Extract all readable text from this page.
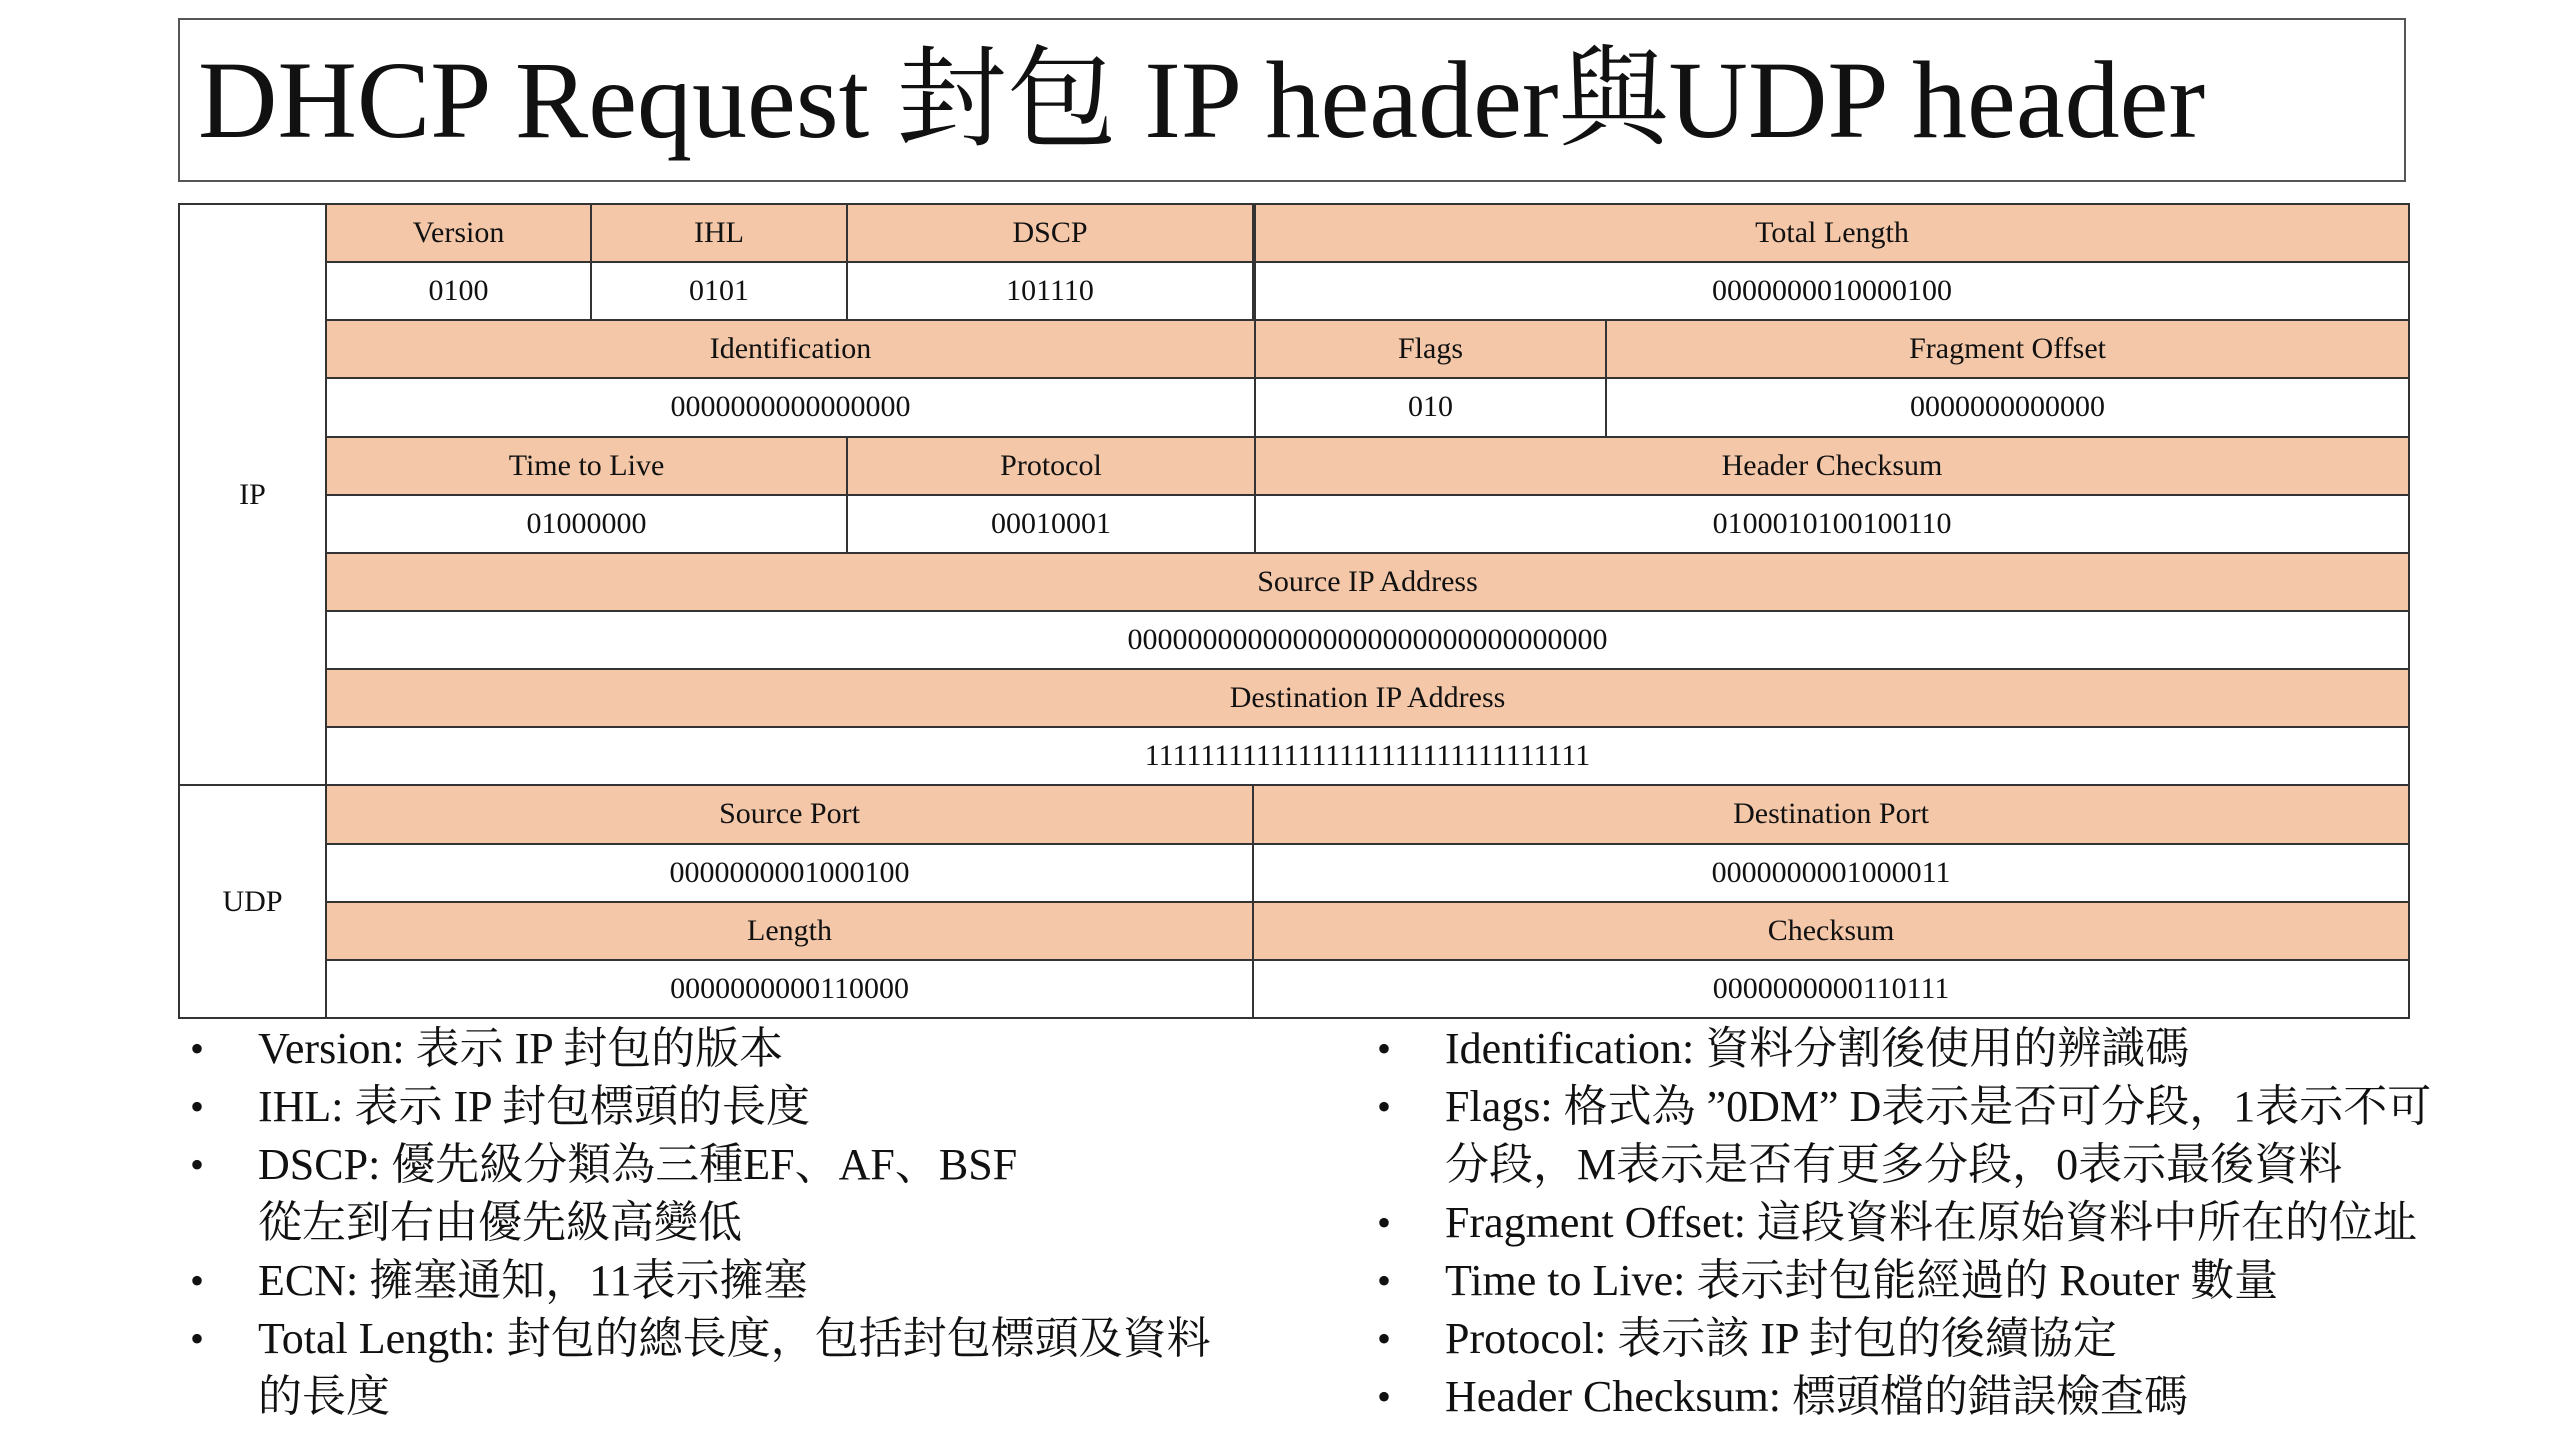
DHCP Request 封包 IP header與UDP header
IP	Version	IHL	DSCP		Total Length	
	0100	0101	101110		0000000010000100	
	Identification				Flags	Fragment Offset
	0000000000000000				010	0000000000000
	Time to Live		Protocol		Header Checksum	
	01000000		00010001		0100010100100110	
	Source IP Address					
	00000000000000000000000000000000					
	Destination IP Address					
	11111111111111111111111111111111					
UDP	Source Port			Destination Port		
	0000000001000100			0000000001000011		
	Length			Checksum		
	0000000000110000			0000000000110111		
• Version: 表示 IP 封包的版本
• IHL: 表示 IP 封包標頭的長度
• DSCP: 優先級分類為三種EF、AF、BSF
從左到右由優先級高變低
• ECN: 擁塞通知，11表示擁塞
• Total Length: 封包的總長度，包括封包標頭及資料
的長度
• Identification: 資料分割後使用的辨識碼
• Flags: 格式為 ”0DM” D表示是否可分段，1表示不可
分段，M表示是否有更多分段，0表示最後資料
• Fragment Offset: 這段資料在原始資料中所在的位址
• Time to Live: 表示封包能經過的 Router 數量
• Protocol: 表示該 IP 封包的後續協定
• Header Checksum: 標頭檔的錯誤檢查碼
